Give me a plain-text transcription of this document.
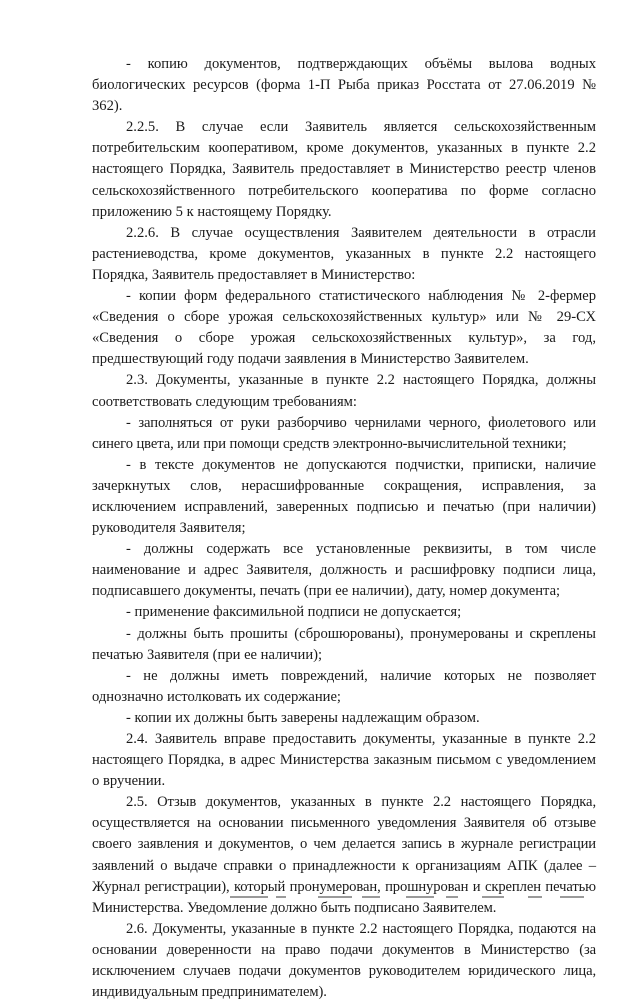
- копию документов, подтверждающих объёмы вылова водных биологических ресурсов (форма 1-П Рыба приказ Росстата от 27.06.2019 № 362).

2.2.5. В случае если Заявитель является сельскохозяйственным потребительским кооперативом, кроме документов, указанных в пункте 2.2 настоящего Порядка, Заявитель предоставляет в Министерство реестр членов сельскохозяйственного потребительского кооператива по форме согласно приложению 5 к настоящему Порядку.

2.2.6. В случае осуществления Заявителем деятельности в отрасли растениеводства, кроме документов, указанных в пункте 2.2 настоящего Порядка, Заявитель предоставляет в Министерство:

- копии форм федерального статистического наблюдения № 2-фермер «Сведения о сборе урожая сельскохозяйственных культур» или № 29-СХ «Сведения о сборе урожая сельскохозяйственных культур», за год, предшествующий году подачи заявления в Министерство Заявителем.

2.3. Документы, указанные в пункте 2.2 настоящего Порядка, должны соответствовать следующим требованиям:

- заполняться от руки разборчиво чернилами черного, фиолетового или синего цвета, или при помощи средств электронно-вычислительной техники;

- в тексте документов не допускаются подчистки, приписки, наличие зачеркнутых слов, нерасшифрованные сокращения, исправления, за исключением исправлений, заверенных подписью и печатью (при наличии) руководителя Заявителя;

- должны содержать все установленные реквизиты, в том числе наименование и адрес Заявителя, должность и расшифровку подписи лица, подписавшего документы, печать (при ее наличии), дату, номер документа;

- применение факсимильной подписи не допускается;

- должны быть прошиты (сброшюрованы), пронумерованы и скреплены печатью Заявителя (при ее наличии);

- не должны иметь повреждений, наличие которых не позволяет однозначно истолковать их содержание;

- копии их должны быть заверены надлежащим образом.

2.4. Заявитель вправе предоставить документы, указанные в пункте 2.2 настоящего Порядка, в адрес Министерства заказным письмом с уведомлением о вручении.

2.5. Отзыв документов, указанных в пункте 2.2 настоящего Порядка, осуществляется на основании письменного уведомления Заявителя об отзыве своего заявления и документов, о чем делается запись в журнале регистрации заявлений о выдаче справки о принадлежности к организациям АПК (далее – Журнал регистрации), который пронумерован, прошнурован и скреплен печатью Министерства. Уведомление должно быть подписано Заявителем.

2.6. Документы, указанные в пункте 2.2 настоящего Порядка, подаются на основании доверенности на право подачи документов в Министерство (за исключением случаев подачи документов руководителем юридического лица, индивидуальным предпринимателем).
